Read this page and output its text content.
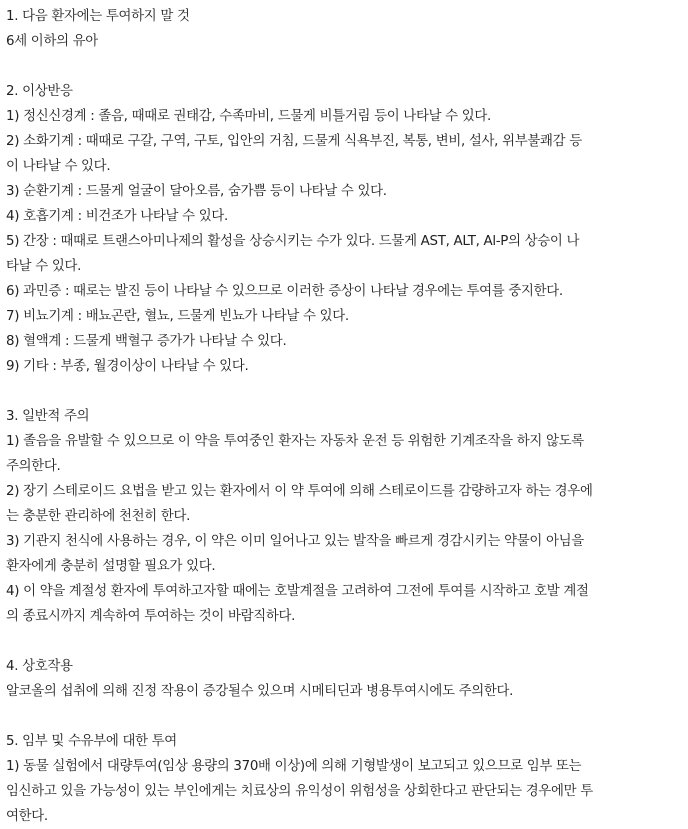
1. 다음 환자에는 투여하지 말 것
6세 이하의 유아
2. 이상반응
1) 정신신경계 : 졸음, 때때로 권태감, 수족마비, 드물게 비틀거림 등이 나타날 수 있다.
2) 소화기계 : 때때로 구갈, 구역, 구토, 입안의 거침, 드물게 식욕부진, 복통, 변비, 설사, 위부불쾌감 등
이 나타날 수 있다.
3) 순환기계 : 드물게 얼굴이 달아오름, 숨가쁨 등이 나타날 수 있다.
4) 호흡기계 : 비건조가 나타날 수 있다.
5) 간장 : 때때로 트랜스아미나제의 활성을 상승시키는 수가 있다. 드물게 AST, ALT, Al-P의 상승이 나
타날 수 있다.
6) 과민증 : 때로는 발진 등이 나타날 수 있으므로 이러한 증상이 나타날 경우에는 투여를 중지한다.
7) 비뇨기계 : 배뇨곤란, 혈뇨, 드물게 빈뇨가 나타날 수 있다.
8) 혈액계 : 드물게 백혈구 증가가 나타날 수 있다.
9) 기타 : 부종, 월경이상이 나타날 수 있다.
3. 일반적 주의
1) 졸음을 유발할 수 있으므로 이 약을 투여중인 환자는 자동차 운전 등 위험한 기계조작을 하지 않도록
주의한다.
2) 장기 스테로이드 요법을 받고 있는 환자에서 이 약 투여에 의해 스테로이드를 감량하고자 하는 경우에
는 충분한 관리하에 천천히 한다.
3) 기관지 천식에 사용하는 경우, 이 약은 이미 일어나고 있는 발작을 빠르게 경감시키는 약물이 아님을
환자에게 충분히 설명할 필요가 있다.
4) 이 약을 계절성 환자에 투여하고자할 때에는 호발계절을 고려하여 그전에 투여를 시작하고 호발 계절
의 종료시까지 계속하여 투여하는 것이 바람직하다.
4. 상호작용
알코올의 섭취에 의해 진정 작용이 증강될수 있으며 시메티딘과 병용투여시에도 주의한다.
5. 임부 및 수유부에 대한 투여
1) 동물 실험에서 대량투여(임상 용량의 370배 이상)에 의해 기형발생이 보고되고 있으므로 임부 또는
임신하고 있을 가능성이 있는 부인에게는 치료상의 유익성이 위험성을 상회한다고 판단되는 경우에만 투
여한다.
